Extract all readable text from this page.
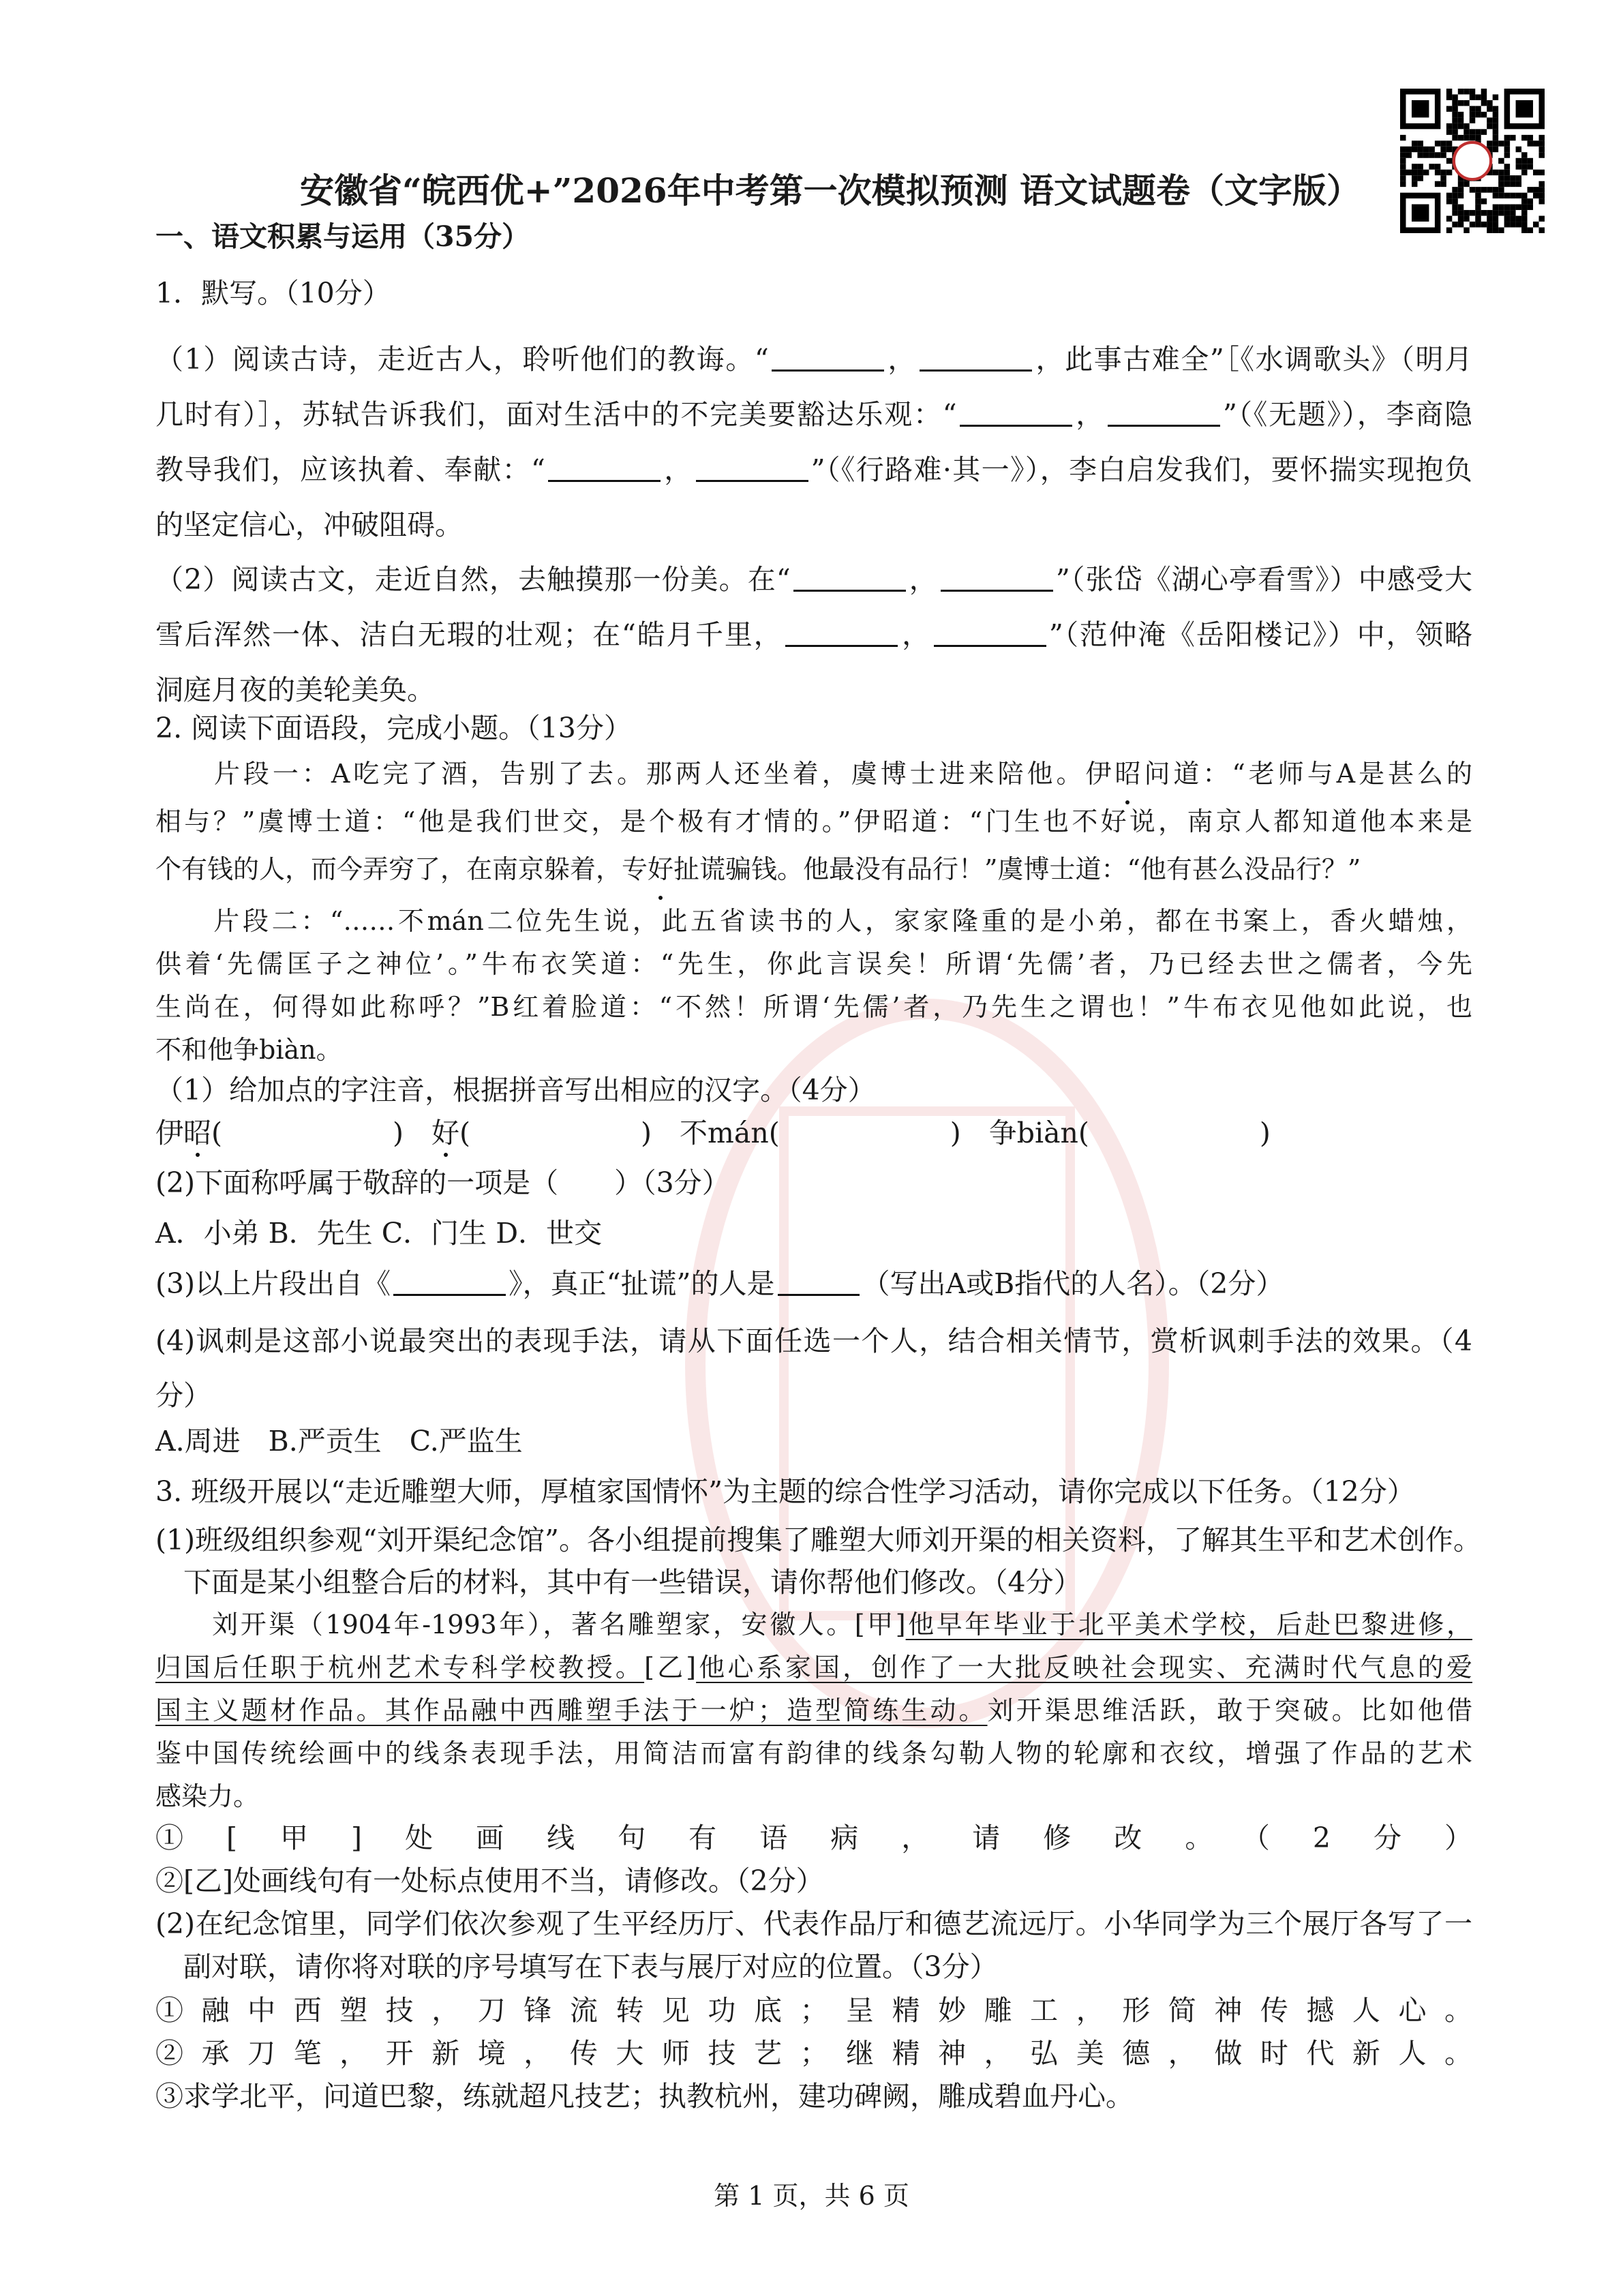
安徽省“皖西优+”2026年中考第一次模拟预测 语文试题卷（文字版）
一、语文积累与运用（35分）
1．默写。（10分）
（1）阅读古诗，走近古人，聆听他们的教诲。“	，	，此事古难全”［《水调歌头》（明月
几时有）］，苏轼告诉我们，面对生活中的不完美要豁达乐观：“	，	”（《无题》），李商隐
教导我们，应该执着、奉献：“	，	”（《行路难·其一》），李白启发我们，要怀揣实现抱负
的坚定信心，冲破阻碍。
（2）阅读古文，走近自然，去触摸那一份美。在“	，	”（张岱《湖心亭看雪》）中感受大
雪后浑然一体、洁白无瑕的壮观；在“皓月千里，	，	”（范仲淹《岳阳楼记》）中，领略
洞庭月夜的美轮美奂。
2. 阅读下面语段，完成小题。（13分）
　　片段一：A吃完了酒，告别了去。那两人还坐着，虞博士进来陪他。伊昭问道：“老师与A是甚么的
相与？”虞博士道：“他是我们世交，是个极有才情的。”伊昭道：“门生也不好说，南京人都知道他本来是
个有钱的人，而今弄穷了，在南京躲着，专好扯谎骗钱。他最没有品行！”虞博士道：“他有甚么没品行？”
　　片段二：“……不mán二位先生说，此五省读书的人，家家隆重的是小弟，都在书案上，香火蜡烛，
供着‘先儒匡子之神位’。”牛布衣笑道：“先生，你此言误矣！所谓‘先儒’者，乃已经去世之儒者，今先
生尚在，何得如此称呼？”B红着脸道：“不然！所谓‘先儒’者，乃先生之谓也！”牛布衣见他如此说，也
不和他争biàn。
（1）给加点的字注音，根据拼音写出相应的汉字。（4分）
伊昭(	)　好(	)　不mán(	)　争biàn(	)
(2)下面称呼属于敬辞的一项是（　　）（3分）
A．小弟 B．先生 C．门生 D．世交
(3)以上片段出自《	》，真正“扯谎”的人是	（写出A或B指代的人名）。（2分）
(4)讽刺是这部小说最突出的表现手法，请从下面任选一个人，结合相关情节，赏析讽刺手法的效果。（4
分）
A.周进　B.严贡生　C.严监生
3. 班级开展以“走近雕塑大师，厚植家国情怀”为主题的综合性学习活动，请你完成以下任务。（12分）
(1)班级组织参观“刘开渠纪念馆”。各小组提前搜集了雕塑大师刘开渠的相关资料，了解其生平和艺术创作。
　下面是某小组整合后的材料，其中有一些错误，请你帮他们修改。（4分）
　　刘开渠（1904年-1993年），著名雕塑家，安徽人。[甲]他早年毕业于北平美术学校，后赴巴黎进修，
归国后任职于杭州艺术专科学校教授。[乙]他心系家国，创作了一大批反映社会现实、充满时代气息的爱
国主义题材作品。其作品融中西雕塑手法于一炉；造型简练生动。刘开渠思维活跃，敢于突破。比如他借
鉴中国传统绘画中的线条表现手法，用简洁而富有韵律的线条勾勒人物的轮廓和衣纹，增强了作品的艺术
感染力。
①[甲]处画线句有语病，请修改。（2分）
②[乙]处画线句有一处标点使用不当，请修改。（2分）
(2)在纪念馆里，同学们依次参观了生平经历厅、代表作品厅和德艺流远厅。小华同学为三个展厅各写了一
　副对联，请你将对联的序号填写在下表与展厅对应的位置。（3分）
①融中西塑技，刀锋流转见功底；呈精妙雕工，形简神传撼人心。
②承刀笔，开新境，传大师技艺；继精神，弘美德，做时代新人。
③求学北平，问道巴黎，练就超凡技艺；执教杭州，建功碑阙，雕成碧血丹心。
第 1 页，共 6 页
